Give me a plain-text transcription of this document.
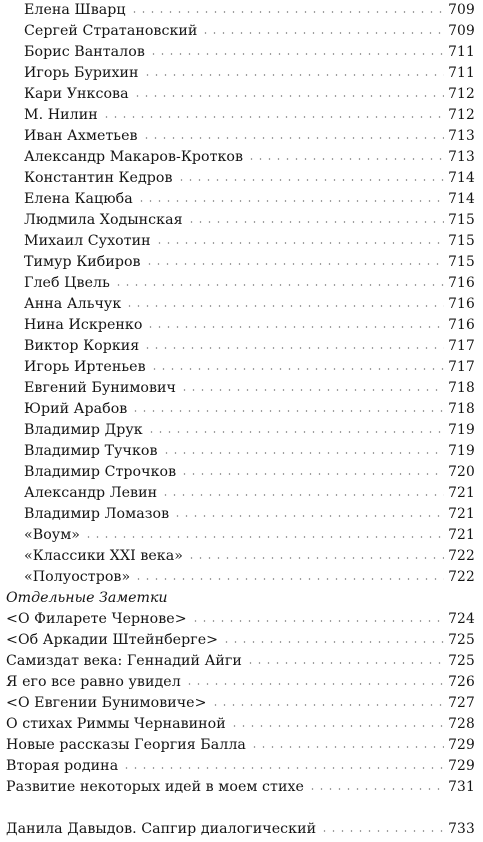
Елена Шварц	709
Сергей Стратановский	709
Борис Ванталов	711
Игорь Бурихин	711
Кари Унксова	712
М. Нилин	712
Иван Ахметьев	713
Александр Макаров-Кротков	713
Константин Кедров	714
Елена Кацюба	714
Людмила Ходынская	715
Михаил Сухотин	715
Тимур Кибиров	715
Глеб Цвель	716
Анна Альчук	716
Нина Искренко	716
Виктор Коркия	717
Игорь Иртеньев	717
Евгений Бунимович	718
Юрий Арабов	718
Владимир Друк	719
Владимир Тучков	719
Владимир Строчков	720
Александр Левин	721
Владимир Ломазов	721
«Воум»	721
«Классики XXI века»	722
«Полуостров»	722
Отдельные Заметки
<О Филарете Чернове>	724
<Об Аркадии Штейнберге>	725
Самиздат века: Геннадий Айги	725
Я его все равно увидел	726
<О Евгении Бунимовиче>	727
О стихах Риммы Чернавиной	728
Новые рассказы Георгия Балла	729
Вторая родина	729
Развитие некоторых идей в моем стихе	731
Данила Давыдов. Сапгир диалогический	733
